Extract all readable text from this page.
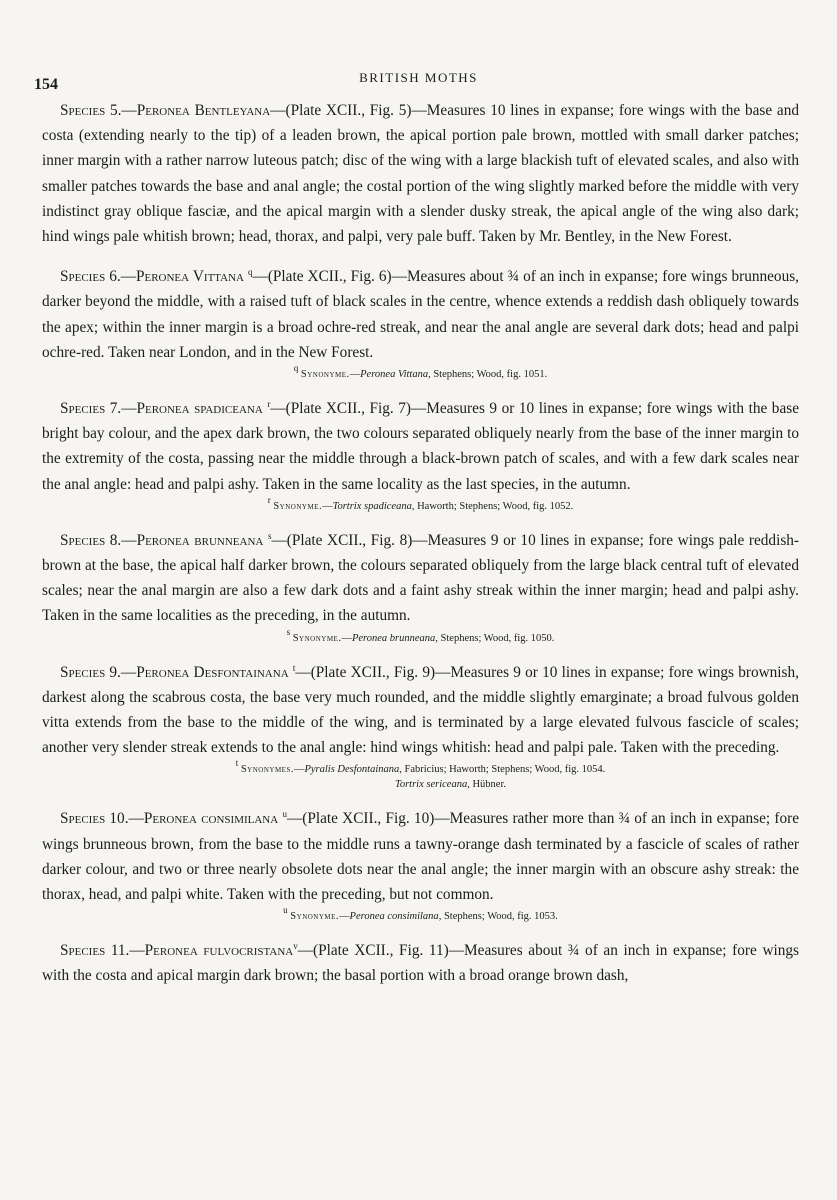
154	BRITISH MOTHS

Species 5.—Peronea Bentleyana—(Plate XCII., Fig. 5)—Measures 10 lines in expanse; fore wings with the base and costa (extending nearly to the tip) of a leaden brown, the apical portion pale brown, mottled with small darker patches; inner margin with a rather narrow luteous patch; disc of the wing with a large blackish tuft of elevated scales, and also with smaller patches towards the base and anal angle; the costal portion of the wing slightly marked before the middle with very indistinct gray oblique fasciæ, and the apical margin with a slender dusky streak, the apical angle of the wing also dark; hind wings pale whitish brown; head, thorax, and palpi, very pale buff. Taken by Mr. Bentley, in the New Forest.

Species 6.—Peronea Vittana $^q$—(Plate XCII., Fig. 6)—Measures about ¾ of an inch in expanse; fore wings brunneous, darker beyond the middle, with a raised tuft of black scales in the centre, whence extends a reddish dash obliquely towards the apex; within the inner margin is a broad ochre-red streak, and near the anal angle are several dark dots; head and palpi ochre-red. Taken near London, and in the New Forest.

$^q$ Synonyme.—Peronea Vittana, Stephens; Wood, fig. 1051.

Species 7.—Peronea spadiceana $^r$—(Plate XCII., Fig. 7)—Measures 9 or 10 lines in expanse; fore wings with the base bright bay colour, and the apex dark brown, the two colours separated obliquely nearly from the base of the inner margin to the extremity of the costa, passing near the middle through a black-brown patch of scales, and with a few dark scales near the anal angle: head and palpi ashy. Taken in the same locality as the last species, in the autumn.

$^r$ Synonyme.—Tortrix spadiceana, Haworth; Stephens; Wood, fig. 1052.

Species 8.—Peronea brunneana $^s$—(Plate XCII., Fig. 8)—Measures 9 or 10 lines in expanse; fore wings pale reddish-brown at the base, the apical half darker brown, the colours separated obliquely from the large black central tuft of elevated scales; near the anal margin are also a few dark dots and a faint ashy streak within the inner margin; head and palpi ashy. Taken in the same localities as the preceding, in the autumn.

$^s$ Synonyme.—Peronea brunneana, Stephens; Wood, fig. 1050.

Species 9.—Peronea Desfontainana $^t$—(Plate XCII., Fig. 9)—Measures 9 or 10 lines in expanse; fore wings brownish, darkest along the scabrous costa, the base very much rounded, and the middle slightly emarginate; a broad fulvous golden vitta extends from the base to the middle of the wing, and is terminated by a large elevated fulvous fascicle of scales; another very slender streak extends to the anal angle: hind wings whitish: head and palpi pale. Taken with the preceding.

$^t$ Synonymes.—Pyralis Desfontainana, Fabricius; Haworth; Stephens; Wood, fig. 1054.
Tortrix sericeana, Hübner.

Species 10.—Peronea consimilana $^u$—(Plate XCII., Fig. 10)—Measures rather more than ¾ of an inch in expanse; fore wings brunneous brown, from the base to the middle runs a tawny-orange dash terminated by a fascicle of scales of rather darker colour, and two or three nearly obsolete dots near the anal angle; the inner margin with an obscure ashy streak: the thorax, head, and palpi white. Taken with the preceding, but not common.

$^u$ Synonyme.—Peronea consimilana, Stephens; Wood, fig. 1053.

Species 11.—Peronea fulvocristana$^v$—(Plate XCII., Fig. 11)—Measures about ¾ of an inch in expanse; fore wings with the costa and apical margin dark brown; the basal portion with a broad orange brown dash,
